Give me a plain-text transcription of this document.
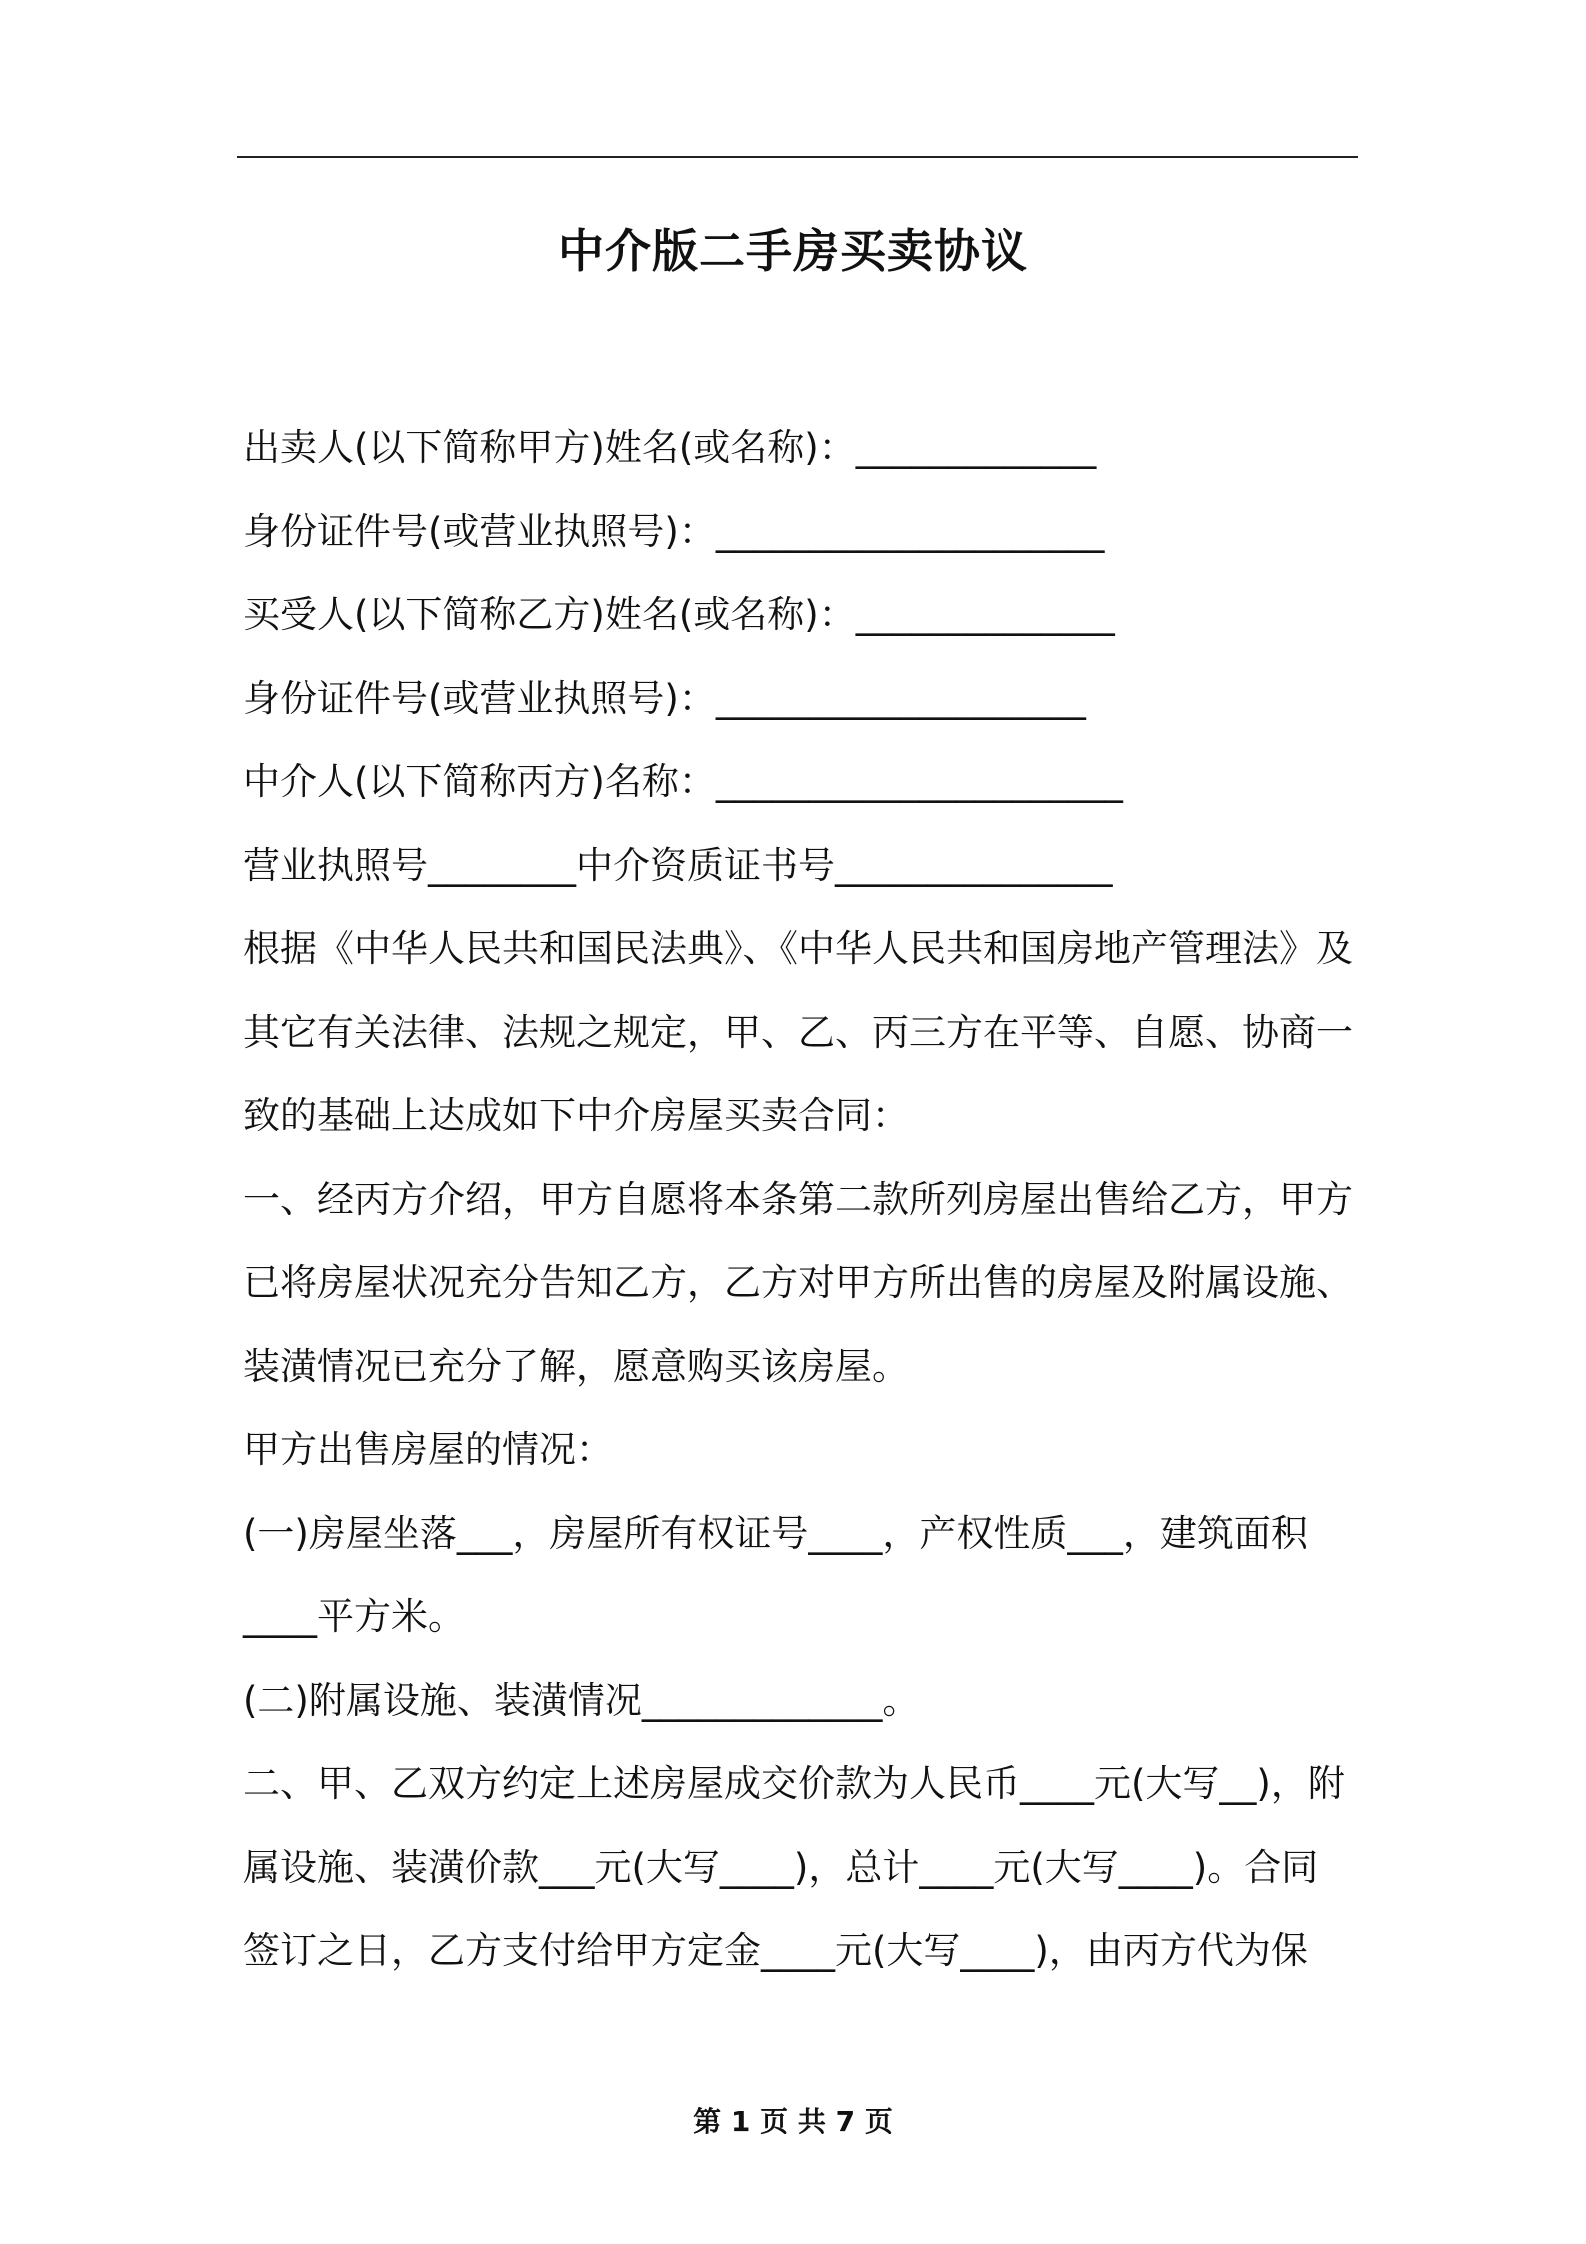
中介版二手房买卖协议
出卖人(以下简称甲方)姓名(或名称)：_____________
身份证件号(或营业执照号)：_____________________
买受人(以下简称乙方)姓名(或名称)：______________
身份证件号(或营业执照号)：____________________
中介人(以下简称丙方)名称：______________________
营业执照号________中介资质证书号_______________
根据《中华人民共和国民法典》、《中华人民共和国房地产管理法》及
其它有关法律、法规之规定，甲、乙、丙三方在平等、自愿、协商一
致的基础上达成如下中介房屋买卖合同：
一、经丙方介绍，甲方自愿将本条第二款所列房屋出售给乙方，甲方
已将房屋状况充分告知乙方，乙方对甲方所出售的房屋及附属设施、
装潢情况已充分了解，愿意购买该房屋。
甲方出售房屋的情况：
(一)房屋坐落___，房屋所有权证号____，产权性质___，建筑面积
____平方米。
(二)附属设施、装潢情况_____________。
二、甲、乙双方约定上述房屋成交价款为人民币____元(大写__)，附
属设施、装潢价款___元(大写____)，总计____元(大写____)。合同
签订之日，乙方支付给甲方定金____元(大写____)，由丙方代为保
第 1 页 共 7 页
